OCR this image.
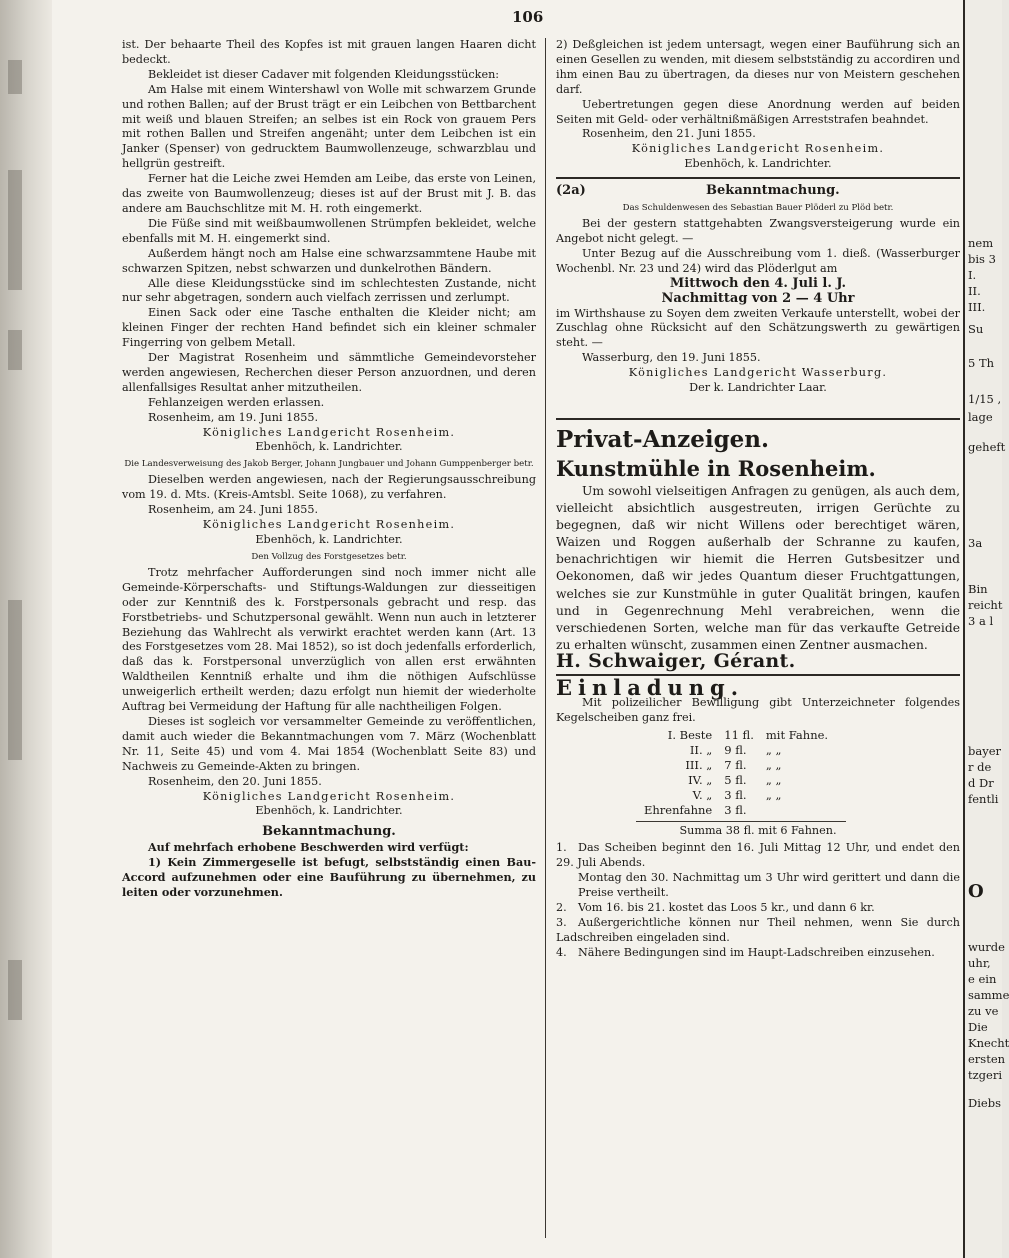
106

ist. Der behaarte Theil des Kopfes ist mit grauen langen Haaren dicht bedeckt.

Bekleidet ist dieser Cadaver mit folgenden Kleidungsstücken:

Am Halse mit einem Wintershawl von Wolle mit schwarzem Grunde und rothen Ballen; auf der Brust trägt er ein Leibchen von Bettbarchent mit weiß und blauen Streifen; an selbes ist ein Rock von grauem Pers mit rothen Ballen und Streifen angenäht; unter dem Leibchen ist ein Janker (Spenser) von gedrucktem Baumwollenzeuge, schwarzblau und hellgrün gestreift.

Ferner hat die Leiche zwei Hemden am Leibe, das erste von Leinen, das zweite von Baumwollenzeug; dieses ist auf der Brust mit J. B. das andere am Bauchschlitze mit M. H. roth eingemerkt.

Die Füße sind mit weißbaumwollenen Strümpfen bekleidet, welche ebenfalls mit M. H. eingemerkt sind.

Außerdem hängt noch am Halse eine schwarzsammtene Haube mit schwarzen Spitzen, nebst schwarzen und dunkelrothen Bändern.

Alle diese Kleidungsstücke sind im schlechtesten Zustande, nicht nur sehr abgetragen, sondern auch vielfach zerrissen und zerlumpt.

Einen Sack oder eine Tasche enthalten die Kleider nicht; am kleinen Finger der rechten Hand befindet sich ein kleiner schmaler Fingerring von gelbem Metall.

Der Magistrat Rosenheim und sämmtliche Gemeindevorsteher werden angewiesen, Recherchen dieser Person anzuordnen, und deren allenfallsiges Resultat anher mitzutheilen.

Fehlanzeigen werden erlassen.

Rosenheim, am 19. Juni 1855.

Königliches Landgericht Rosenheim.

Ebenhöch, k. Landrichter.

Die Landesverweisung des Jakob Berger, Johann Jungbauer und Johann Gumppenberger betr.

Dieselben werden angewiesen, nach der Regierungsausschreibung vom 19. d. Mts. (Kreis-Amtsbl. Seite 1068), zu verfahren.

Rosenheim, am 24. Juni 1855.

Königliches Landgericht Rosenheim.

Ebenhöch, k. Landrichter.

Den Vollzug des Forstgesetzes betr.

Trotz mehrfacher Aufforderungen sind noch immer nicht alle Gemeinde-Körperschafts- und Stiftungs-Waldungen zur diesseitigen oder zur Kenntniß des k. Forstpersonals gebracht und resp. das Forstbetriebs- und Schutzpersonal gewählt. Wenn nun auch in letzterer Beziehung das Wahlrecht als verwirkt erachtet werden kann (Art. 13 des Forstgesetzes vom 28. Mai 1852), so ist doch jedenfalls erforderlich, daß das k. Forstpersonal unverzüglich von allen erst erwähnten Waldtheilen Kenntniß erhalte und ihm die nöthigen Aufschlüsse unweigerlich ertheilt werden; dazu erfolgt nun hiemit der wiederholte Auftrag bei Vermeidung der Haftung für alle nachtheiligen Folgen.

Dieses ist sogleich vor versammelter Gemeinde zu veröffentlichen, damit auch wieder die Bekanntmachungen vom 7. März (Wochenblatt Nr. 11, Seite 45) und vom 4. Mai 1854 (Wochenblatt Seite 83) und Nachweis zu Gemeinde-Akten zu bringen.

Rosenheim, den 20. Juni 1855.

Königliches Landgericht Rosenheim.

Ebenhöch, k. Landrichter.

Bekanntmachung.

Auf mehrfach erhobene Beschwerden wird verfügt:

1) Kein Zimmergeselle ist befugt, selbstständig einen Bau-Accord aufzunehmen oder eine Bauführung zu übernehmen, zu leiten oder vorzunehmen.

2) Deßgleichen ist jedem untersagt, wegen einer Bauführung sich an einen Gesellen zu wenden, mit diesem selbstständig zu accordiren und ihm einen Bau zu übertragen, da dieses nur von Meistern geschehen darf.

Uebertretungen gegen diese Anordnung werden auf beiden Seiten mit Geld- oder verhältnißmäßigen Arreststrafen beahndet.

Rosenheim, den 21. Juni 1855.

Königliches Landgericht Rosenheim.

Ebenhöch, k. Landrichter.

(2a)	Bekanntmachung.

Das Schuldenwesen des Sebastian Bauer Plöderl zu Plöd betr.

Bei der gestern stattgehabten Zwangsversteigerung wurde ein Angebot nicht gelegt. —

Unter Bezug auf die Ausschreibung vom 1. dieß. (Wasserburger Wochenbl. Nr. 23 und 24) wird das Plöderlgut am

Mittwoch den 4. Juli l. J.

Nachmittag von 2 — 4 Uhr

im Wirthshause zu Soyen dem zweiten Verkaufe unterstellt, wobei der Zuschlag ohne Rücksicht auf den Schätzungswerth zu gewärtigen steht. —

Wasserburg, den 19. Juni 1855.

Königliches Landgericht Wasserburg.

Der k. Landrichter Laar.

Privat-Anzeigen.

Kunstmühle in Rosenheim.

Um sowohl vielseitigen Anfragen zu genügen, als auch dem, vielleicht absichtlich ausgestreuten, irrigen Gerüchte zu begegnen, daß wir nicht Willens oder berechtiget wären, Waizen und Roggen außerhalb der Schranne zu kaufen, benachrichtigen wir hiemit die Herren Gutsbesitzer und Oekonomen, daß wir jedes Quantum dieser Fruchtgattungen, welches sie zur Kunstmühle in guter Qualität bringen, kaufen und in Gegenrechnung Mehl verabreichen, wenn die verschiedenen Sorten, welche man für das verkaufte Getreide zu erhalten wünscht, zusammen einen Zentner ausmachen.

H. Schwaiger, Gérant.

Einladung.

Mit polizeilicher Bewilligung gibt Unterzeichneter folgendes Kegelscheiben ganz frei.

I. Beste	11 fl.	mit Fahne.
II. „	9 fl.	„ „
III. „	7 fl.	„ „
IV. „	5 fl.	„ „
V. „	3 fl.	„ „
Ehrenfahne	3 fl.	

Summa 38 fl. mit 6 Fahnen.

1. Das Scheiben beginnt den 16. Juli Mittag 12 Uhr, und endet den 29. Juli Abends.

Montag den 30. Nachmittag um 3 Uhr wird gerittert und dann die Preise vertheilt.

2. Vom 16. bis 21. kostet das Loos 5 kr., und dann 6 kr.

3. Außergerichtliche können nur Theil nehmen, wenn Sie durch Ladschreiben eingeladen sind.

4. Nähere Bedingungen sind im Haupt-Ladschreiben einzusehen.

nem
bis 3
I.
II.
III.
Su
5 Th
1/15 ,
lage
geheft
3a
Bin
reicht
3 a l
bayer
r de
d Dr
fentli
O
wurde
uhr,
e ein
samme
zu ve
Die
Knecht
ersten
tzgeri
Diebs
